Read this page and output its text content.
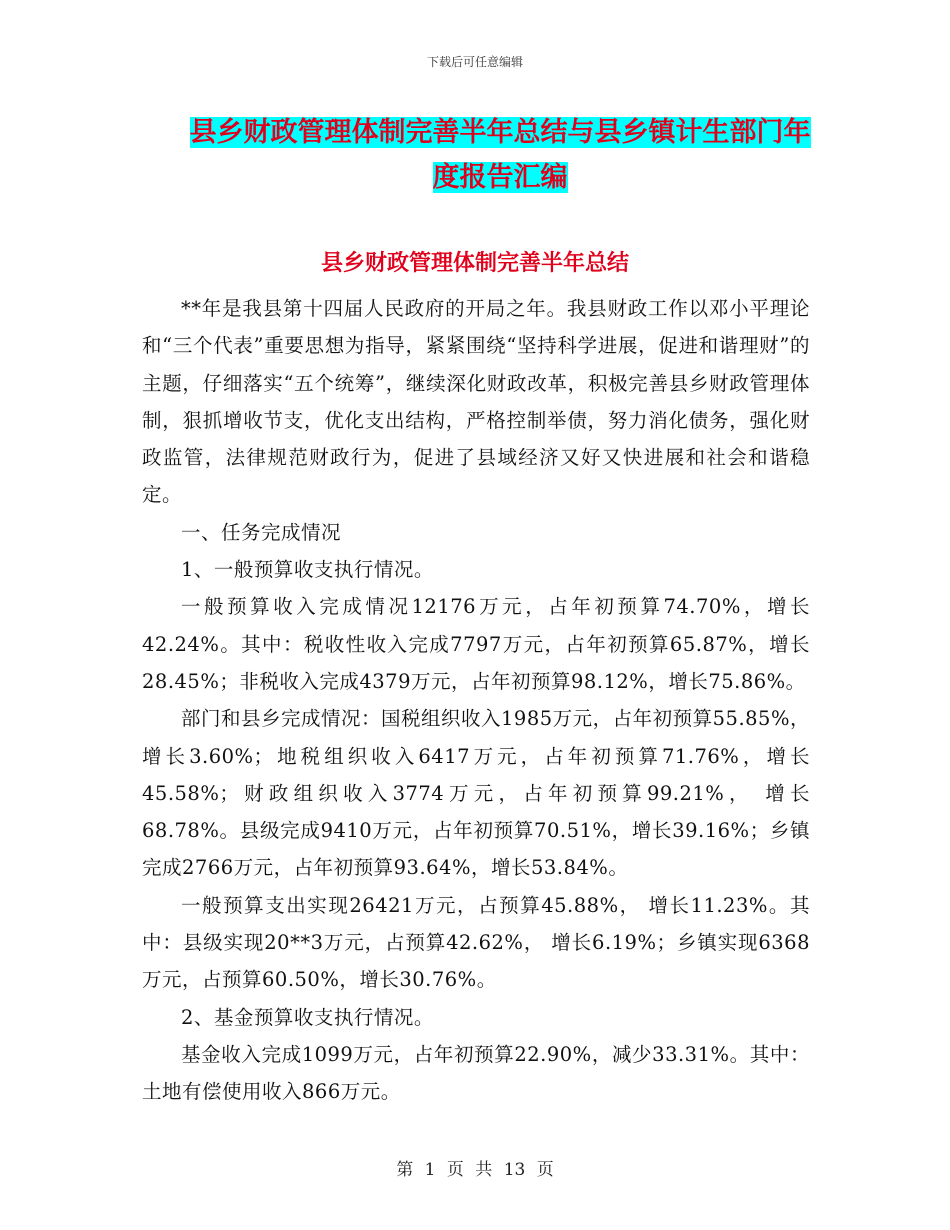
下载后可任意编辑
县乡财政管理体制完善半年总结与县乡镇计生部门年
度报告汇编
县乡财政管理体制完善半年总结

**年是我县第十四届人民政府的开局之年。我县财政工作以邓小平理论和“三个代表”重要思想为指导，紧紧围绕“坚持科学进展，促进和谐理财”的主题，仔细落实“五个统筹”，继续深化财政改革，积极完善县乡财政管理体制，狠抓增收节支，优化支出结构，严格控制举债，努力消化债务，强化财政监管，法律规范财政行为，促进了县域经济又好又快进展和社会和谐稳定。

一、任务完成情况

1、一般预算收支执行情况。

一般预算收入完成情况12176万元，占年初预算74.70%，增长42.24%。其中：税收性收入完成7797万元，占年初预算65.87%，增长28.45%；非税收入完成4379万元，占年初预算98.12%，增长75.86%。

部门和县乡完成情况：国税组织收入1985万元，占年初预算55.85%，增长3.60%；地税组织收入6417万元，占年初预算71.76%，增长45.58%；财政组织收入3774万元，占年初预算99.21%， 增长68.78%。县级完成9410万元，占年初预算70.51%，增长39.16%；乡镇完成2766万元，占年初预算93.64%，增长53.84%。

一般预算支出实现26421万元，占预算45.88%， 增长11.23%。其中：县级实现20**3万元，占预算42.62%， 增长6.19%；乡镇实现6368万元，占预算60.50%，增长30.76%。

2、基金预算收支执行情况。

基金收入完成1099万元，占年初预算22.90%，减少33.31%。其中：土地有偿使用收入866万元。

第 1 页 共 13 页
